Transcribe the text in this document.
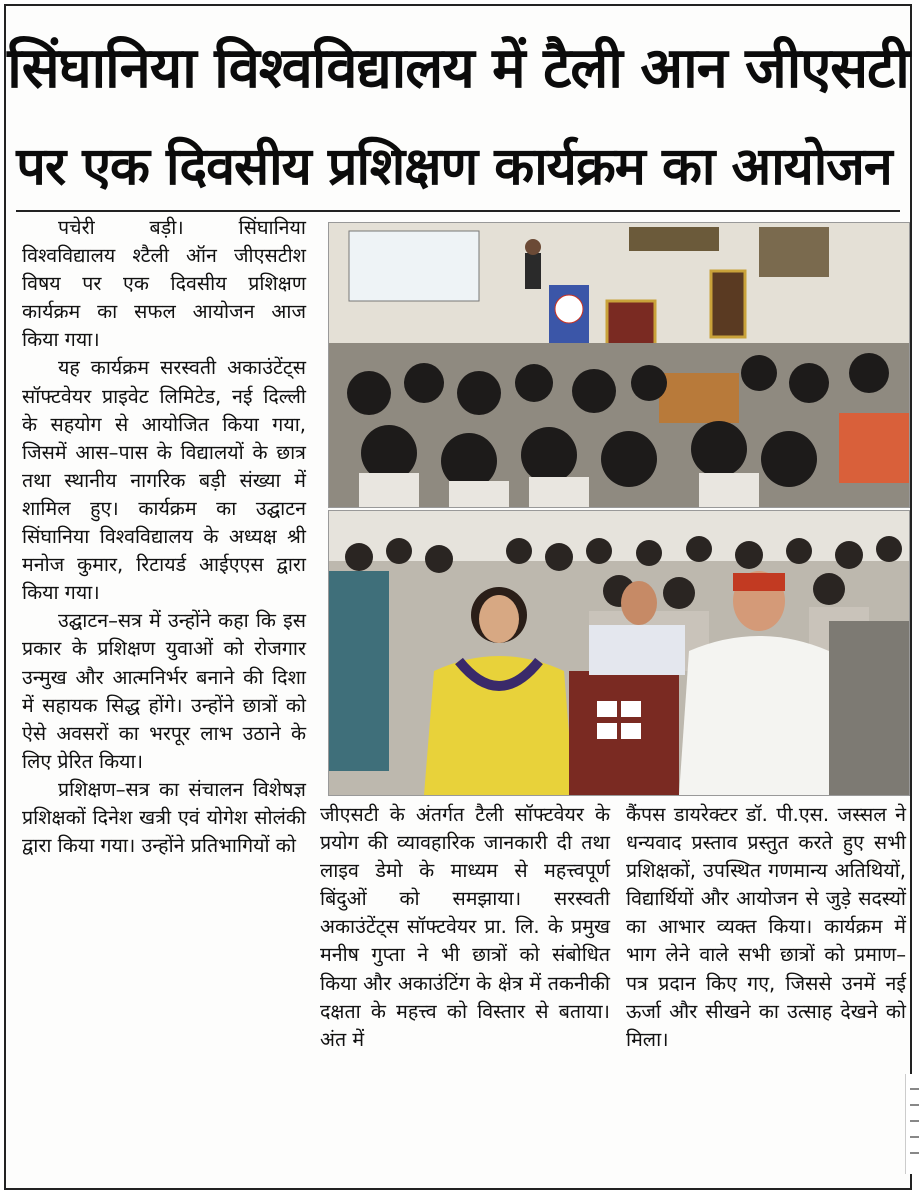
सिंघानिया विश्वविद्यालय में टैली आन जीएसटी
पर एक दिवसीय प्रशिक्षण कार्यक्रम का आयोजन

पचेरी बड़ी। सिंघानिया विश्वविद्यालय श्टैली ऑन जीएसटीश विषय पर एक दिवसीय प्रशिक्षण कार्यक्रम का सफल आयोजन आज किया गया।

यह कार्यक्रम सरस्वती अकाउंटेंट्स सॉफ्टवेयर प्राइवेट लिमिटेड, नई दिल्ली के सहयोग से आयोजित किया गया, जिसमें आस–पास के विद्यालयों के छात्र तथा स्थानीय नागरिक बड़ी संख्या में शामिल हुए। कार्यक्रम का उद्घाटन सिंघानिया विश्वविद्यालय के अध्यक्ष श्री मनोज कुमार, रिटायर्ड आईएएस द्वारा किया गया।

उद्घाटन–सत्र में उन्होंने कहा कि इस प्रकार के प्रशिक्षण युवाओं को रोजगार उन्मुख और आत्मनिर्भर बनाने की दिशा में सहायक सिद्ध होंगे। उन्होंने छात्रों को ऐसे अवसरों का भरपूर लाभ उठाने के लिए प्रेरित किया।

प्रशिक्षण–सत्र का संचालन विशेषज्ञ प्रशिक्षकों दिनेश खत्री एवं योगेश सोलंकी द्वारा किया गया। उन्होंने प्रतिभागियों को

जीएसटी के अंतर्गत टैली सॉफ्टवेयर के प्रयोग की व्यावहारिक जानकारी दी तथा लाइव डेमो के माध्यम से महत्त्वपूर्ण बिंदुओं को समझाया। सरस्वती अकाउंटेंट्स सॉफ्टवेयर प्रा. लि. के प्रमुख मनीष गुप्ता ने भी छात्रों को संबोधित किया और अकाउंटिंग के क्षेत्र में तकनीकी दक्षता के महत्त्व को विस्तार से बताया। अंत में

कैंपस डायरेक्टर डॉ. पी.एस. जस्सल ने धन्यवाद प्रस्ताव प्रस्तुत करते हुए सभी प्रशिक्षकों, उपस्थित गणमान्य अतिथियों, विद्यार्थियों और आयोजन से जुड़े सदस्यों का आभार व्यक्त किया। कार्यक्रम में भाग लेने वाले सभी छात्रों को प्रमाण–पत्र प्रदान किए गए, जिससे उनमें नई ऊर्जा और सीखने का उत्साह देखने को मिला।
